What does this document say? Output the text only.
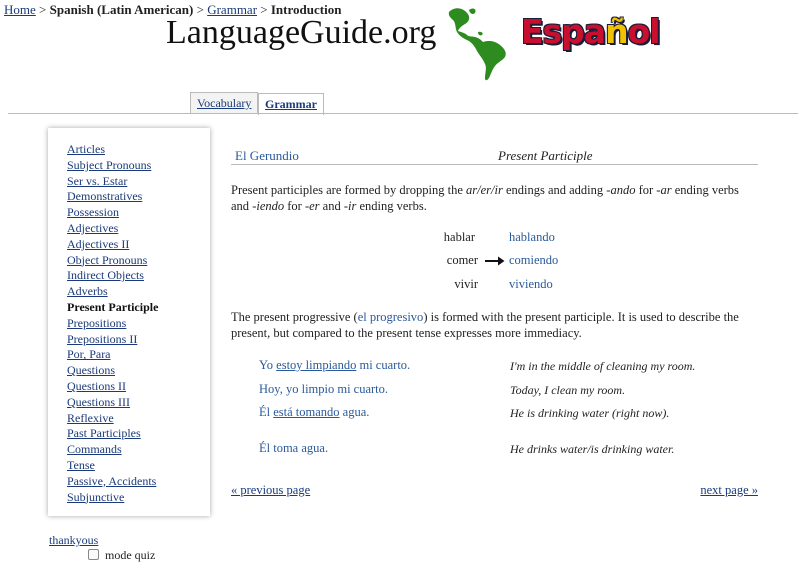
Home > Spanish (Latin American) > Grammar > Introduction
LanguageGuide.org	Español
Vocabulary	Grammar
Articles
Subject Pronouns
Ser vs. Estar
Demonstratives
Possession
Adjectives
Adjectives II
Object Pronouns
Indirect Objects
Adverbs
Present Participle
Prepositions
Prepositions II
Por, Para
Questions
Questions II
Questions III
Reflexive
Past Participles
Commands
Tense
Passive, Accidents
Subjunctive
thankyous
mode quiz
El Gerundio	Present Participle
Present participles are formed by dropping the ar/er/ir endings and adding -ando for -ar ending verbs and -iendo for -er and -ir ending verbs.
hablar	hablando
comer comiendo
vivir viviendo
The present progressive (el progresivo) is formed with the present participle. It is used to describe the present, but compared to the present tense expresses more immediacy.
Yo estoy limpiando mi cuarto.	I'm in the middle of cleaning my room.
Hoy, yo limpio mi cuarto.	Today, I clean my room.
Él está tomando agua.	He is drinking water (right now).
Él toma agua.	He drinks water/is drinking water.
« previous page	next page »
